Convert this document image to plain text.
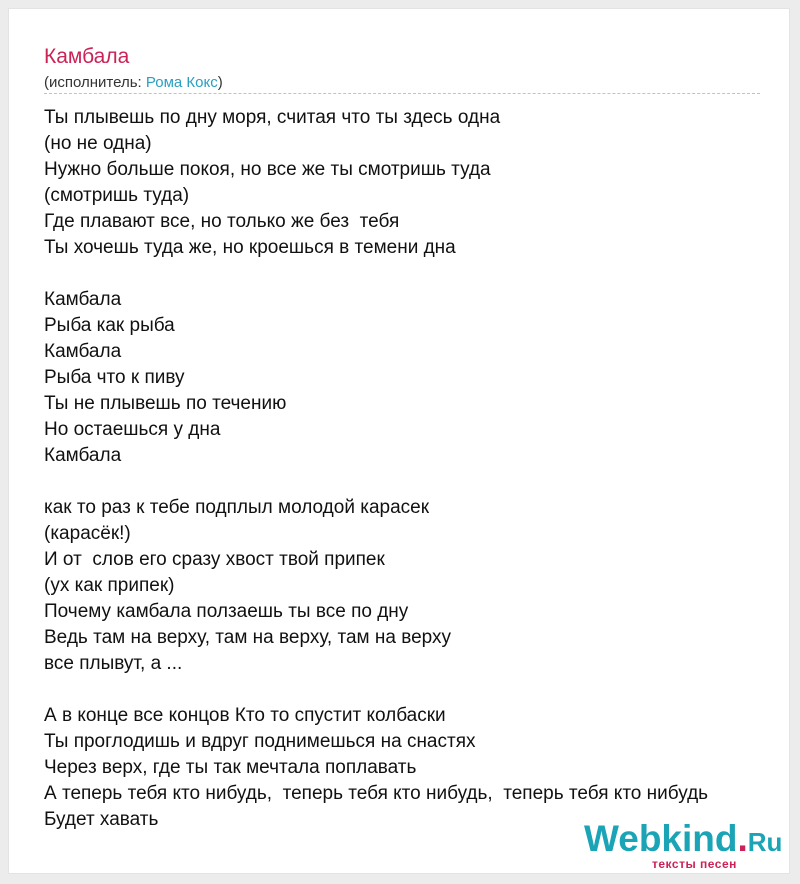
Камбала
(исполнитель: Рома Кокс)
Ты плывешь по дну моря, считая что ты здесь одна
(но не одна)
Нужно больше покоя, но все же ты смотришь туда
(смотришь туда)
Где плавают все, но только же без  тебя
Ты хочешь туда же, но кроешься в темени дна
Камбала
Рыба как рыба
Камбала
Рыба что к пиву
Ты не плывешь по течению
Но остаешься у дна
Камбала
как то раз к тебе подплыл молодой карасек
(карасёк!)
И от  слов его сразу хвост твой припек
(ух как припек)
Почему камбала ползаешь ты все по дну
Ведь там на верху, там на верху, там на верху
все плывут, а ...
А в конце все концов Кто то спустит колбаски
Ты проглодишь и вдруг поднимешься на снастях
Через верх, где ты так мечтала поплавать
А теперь тебя кто нибудь,  теперь тебя кто нибудь,  теперь тебя кто нибудь
Будет хавать	Webkind.Ru
тексты песен
